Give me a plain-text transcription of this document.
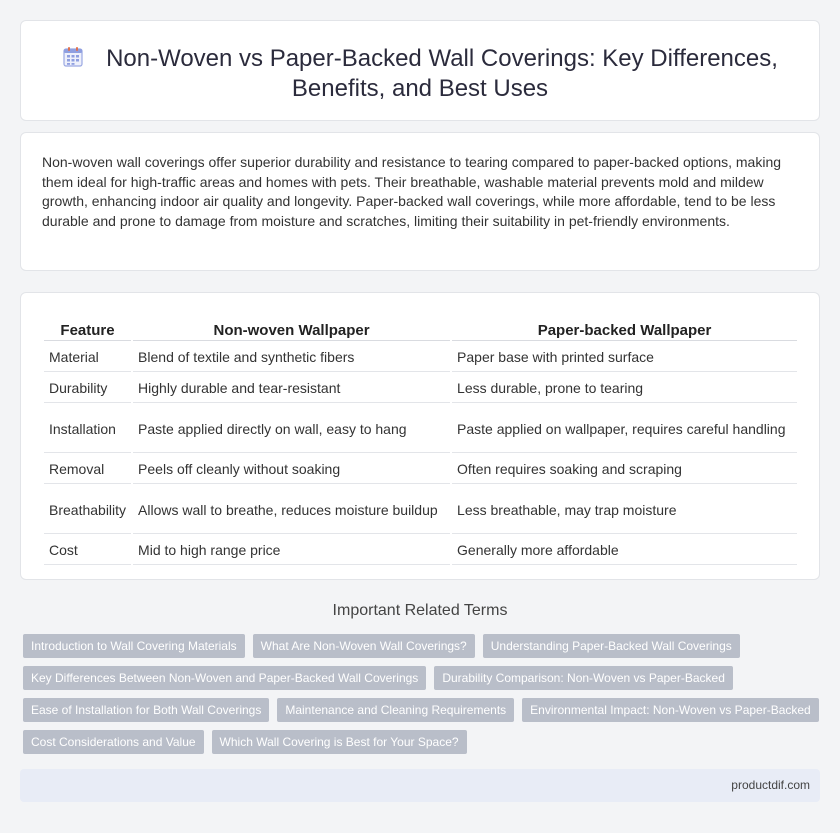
Non-Woven vs Paper-Backed Wall Coverings: Key Differences,
Benefits, and Best Uses

Non-woven wall coverings offer superior durability and resistance to tearing compared to paper-backed options, making them ideal for high-traffic areas and homes with pets. Their breathable, washable material prevents mold and mildew growth, enhancing indoor air quality and longevity. Paper-backed wall coverings, while more affordable, tend to be less durable and prone to damage from moisture and scratches, limiting their suitability in pet-friendly environments.

Feature	Non-woven Wallpaper	Paper-backed Wallpaper
Material	Blend of textile and synthetic fibers	Paper base with printed surface
Durability	Highly durable and tear-resistant	Less durable, prone to tearing
Installation	Paste applied directly on wall, easy to hang	Paste applied on wallpaper, requires careful handling
Removal	Peels off cleanly without soaking	Often requires soaking and scraping
Breathability	Allows wall to breathe, reduces moisture buildup	Less breathable, may trap moisture
Cost	Mid to high range price	Generally more affordable
Important Related Terms
Introduction to Wall Covering Materials	What Are Non-Woven Wall Coverings?	Understanding Paper-Backed Wall Coverings
Key Differences Between Non-Woven and Paper-Backed Wall Coverings	Durability Comparison: Non-Woven vs Paper-Backed
Ease of Installation for Both Wall Coverings	Maintenance and Cleaning Requirements	Environmental Impact: Non-Woven vs Paper-Backed
Cost Considerations and Value	Which Wall Covering is Best for Your Space?
productdif.com
